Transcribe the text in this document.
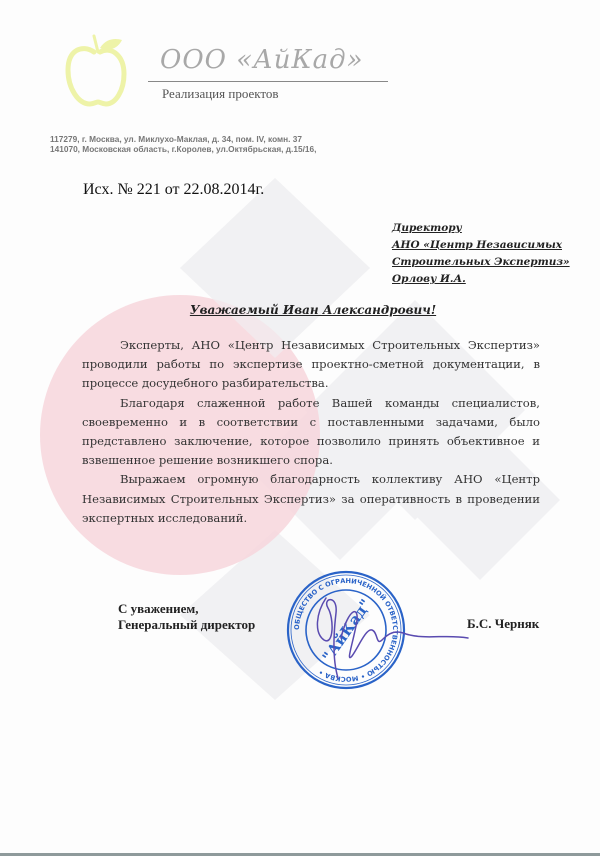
ООО «АйКад»
Реализация проектов
117279, г. Москва, ул. Миклухо-Маклая, д. 34, пом. IV, комн. 37
141070, Московская область, г.Королев, ул.Октябрьская, д.15/16,
Исх. № 221 от 22.08.2014г.
Директору
АНО «Центр Независимых
Строительных Экспертиз»
Орлову И.А.
Уважаемый Иван Александрович!

Эксперты, АНО «Центр Независимых Строительных Экспертиз» проводили работы по экспертизе проектно-сметной документации, в процессе досудебного разбирательства.

Благодаря слаженной работе Вашей команды специалистов, своевременно и в соответствии с поставленными задачами, было представлено заключение, которое позволило принять объективное и взвешенное решение возникшего спора.

Выражаем огромную благодарность коллективу АНО «Центр Независимых Строительных Экспертиз» за оперативность в проведении экспертных исследований.

С уважением,
Генеральный директор	Б.С. Черняк
ОБЩЕСТВО С ОГРАНИЧЕННОЙ ОТВЕТСТВЕННОСТЬЮ • МОСКВА •
"АйКад"
